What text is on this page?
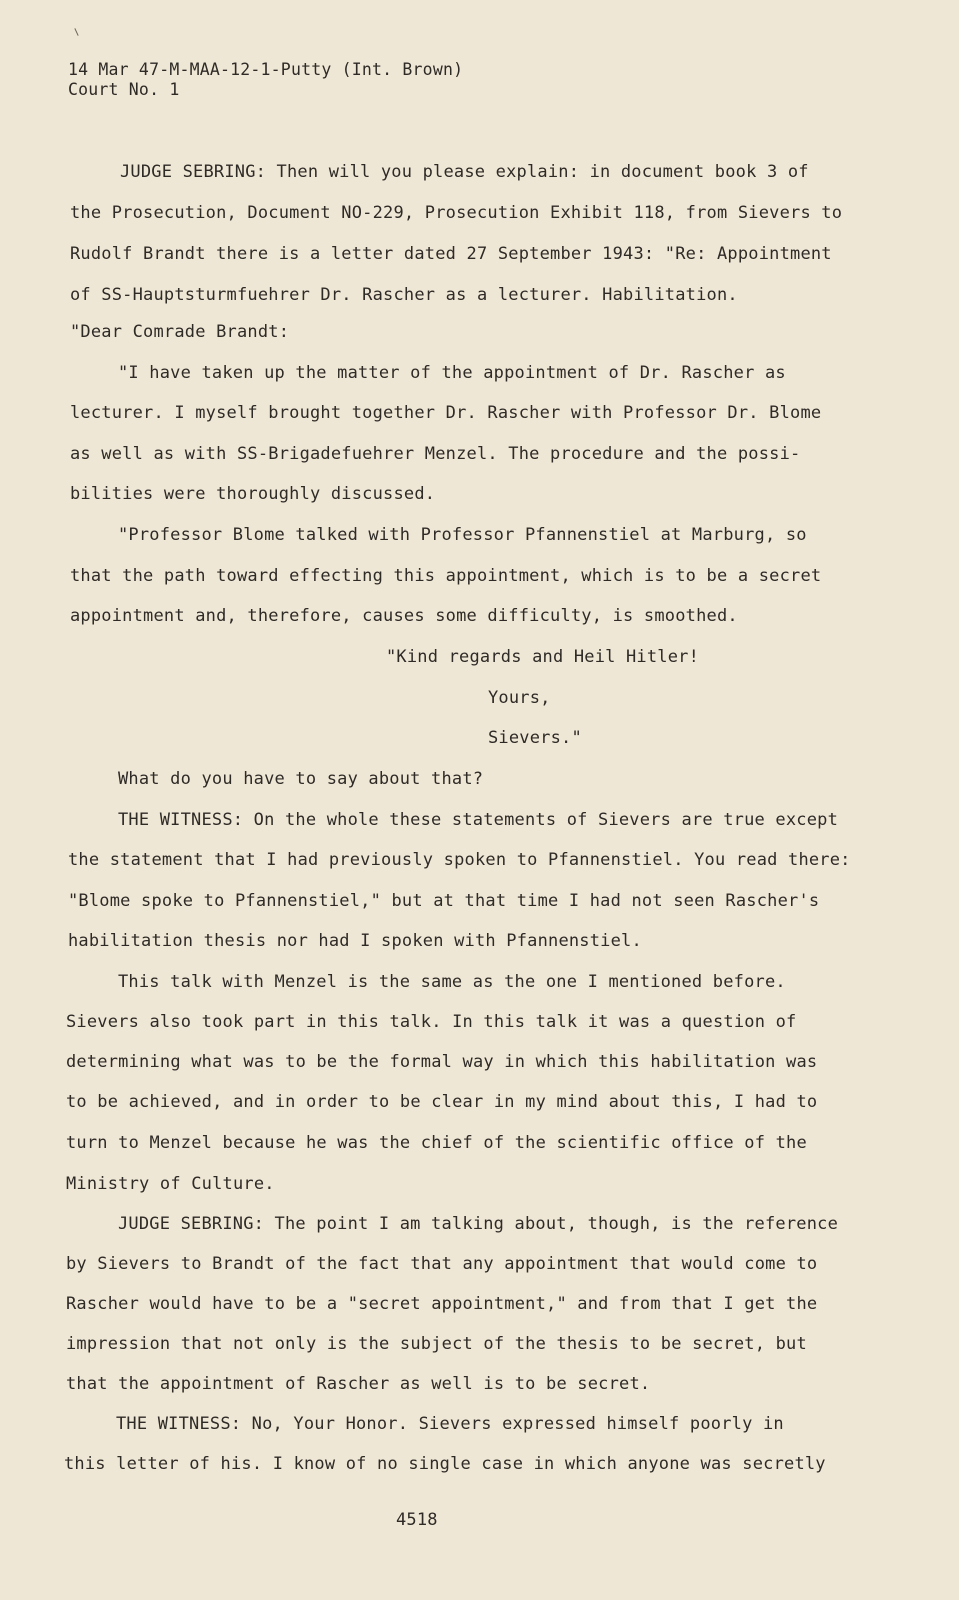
14 Mar 47-M-MAA-12-1-Putty (Int. Brown)
Court No. 1
JUDGE SEBRING: Then will you please explain: in document book 3 of
the Prosecution, Document NO-229, Prosecution Exhibit 118, from Sievers to
Rudolf Brandt there is a letter dated 27 September 1943: "Re: Appointment
of SS-Hauptsturmfuehrer Dr. Rascher as a lecturer. Habilitation.
"Dear Comrade Brandt:
"I have taken up the matter of the appointment of Dr. Rascher as
lecturer. I myself brought together Dr. Rascher with Professor Dr. Blome
as well as with SS-Brigadefuehrer Menzel. The procedure and the possi-
bilities were thoroughly discussed.
"Professor Blome talked with Professor Pfannenstiel at Marburg, so
that the path toward effecting this appointment, which is to be a secret
appointment and, therefore, causes some difficulty, is smoothed.
"Kind regards and Heil Hitler!
Yours,
Sievers."
What do you have to say about that?
THE WITNESS: On the whole these statements of Sievers are true except
the statement that I had previously spoken to Pfannenstiel. You read there:
"Blome spoke to Pfannenstiel," but at that time I had not seen Rascher's
habilitation thesis nor had I spoken with Pfannenstiel.
This talk with Menzel is the same as the one I mentioned before.
Sievers also took part in this talk. In this talk it was a question of
determining what was to be the formal way in which this habilitation was
to be achieved, and in order to be clear in my mind about this, I had to
turn to Menzel because he was the chief of the scientific office of the
Ministry of Culture.
JUDGE SEBRING: The point I am talking about, though, is the reference
by Sievers to Brandt of the fact that any appointment that would come to
Rascher would have to be a "secret appointment," and from that I get the
impression that not only is the subject of the thesis to be secret, but
that the appointment of Rascher as well is to be secret.
THE WITNESS: No, Your Honor. Sievers expressed himself poorly in
this letter of his. I know of no single case in which anyone was secretly
4518
